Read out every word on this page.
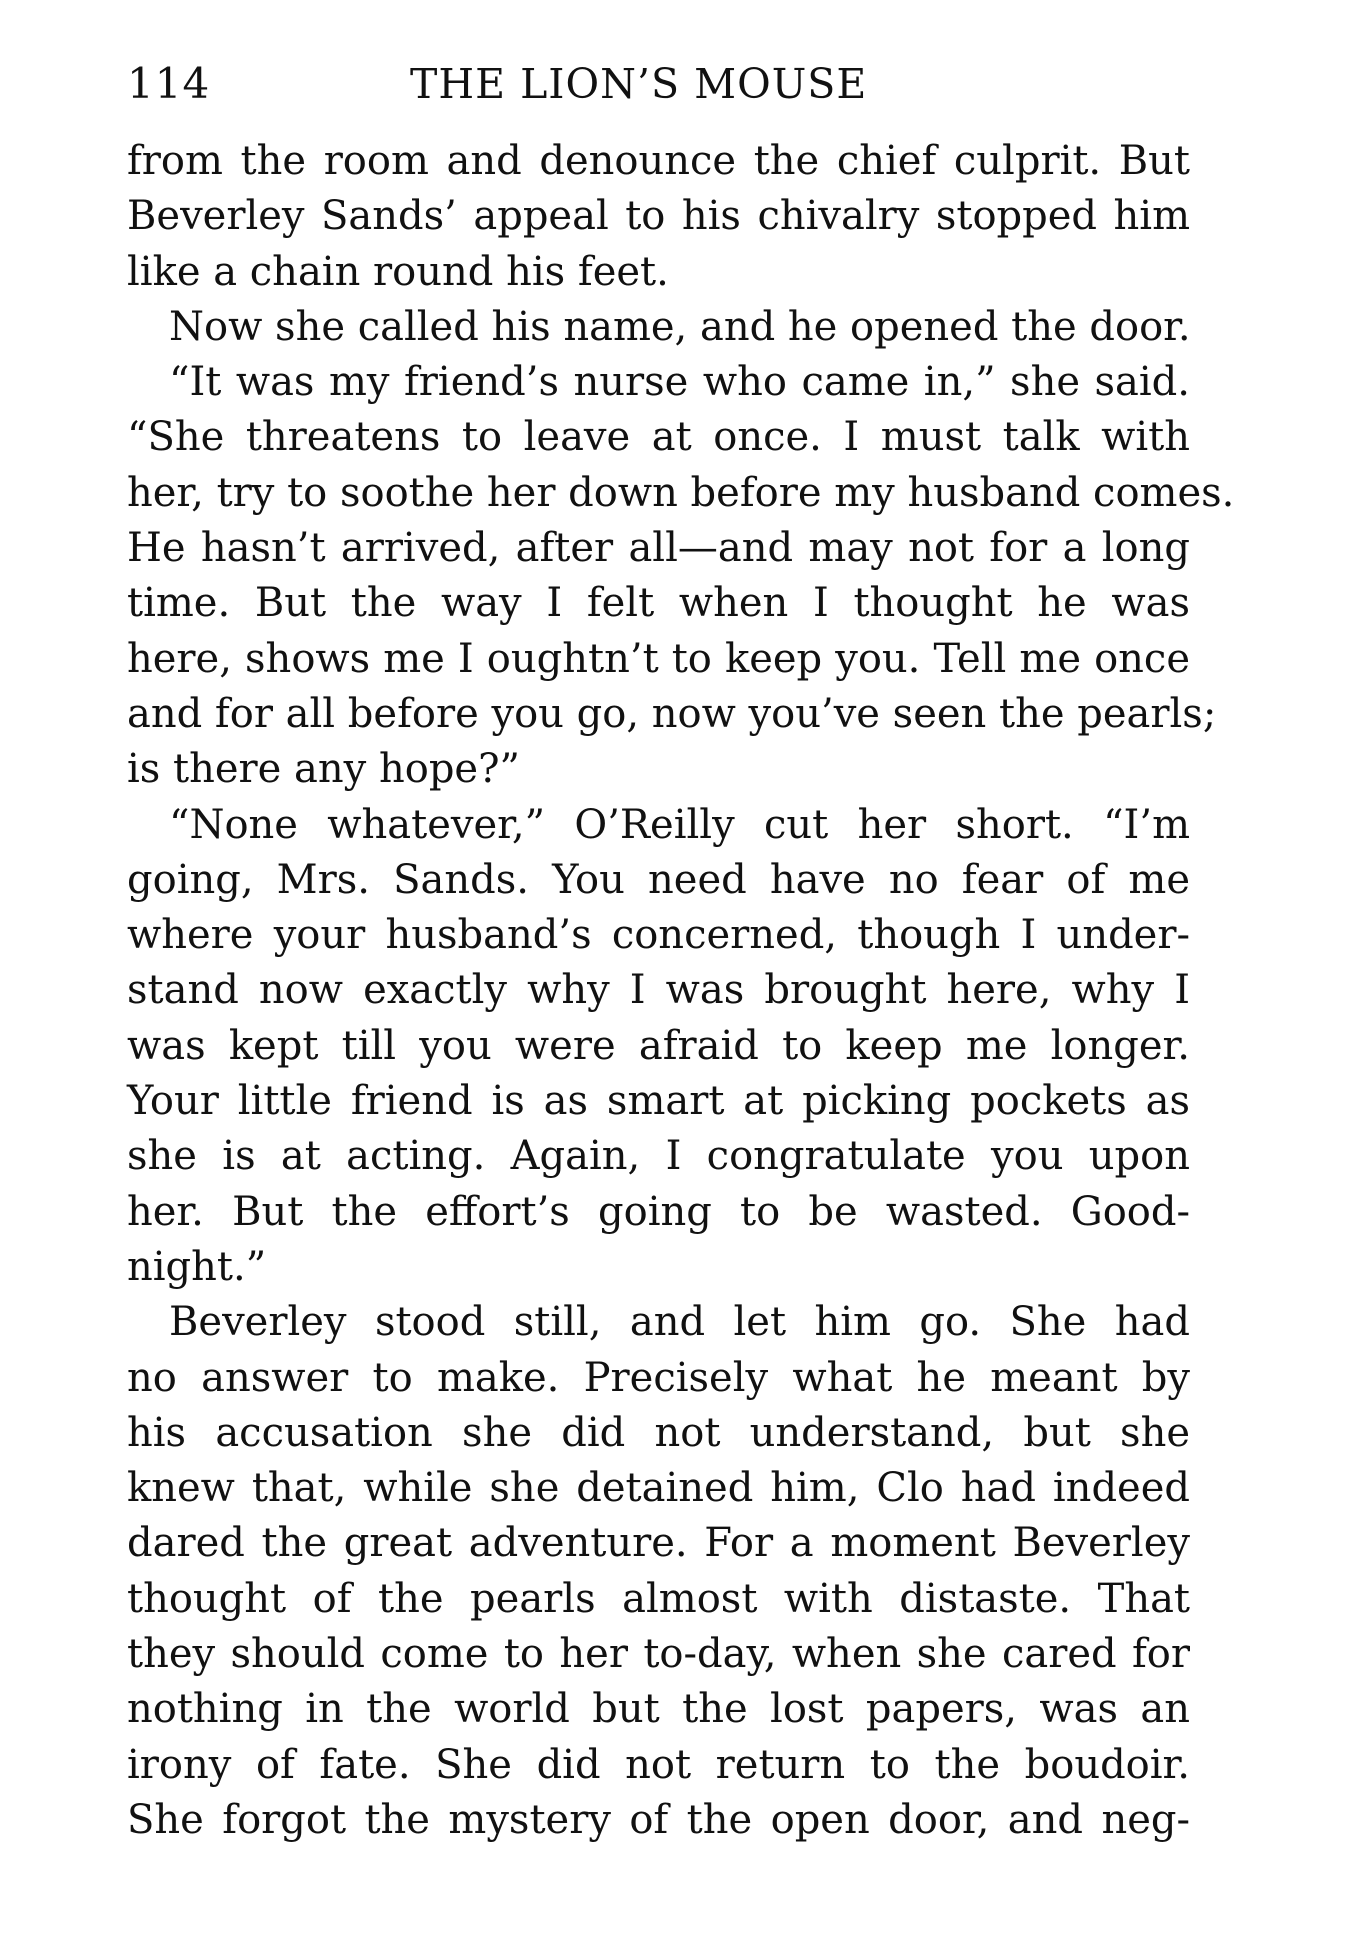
114	THE LION’S MOUSE
from the room and denounce the chief culprit. But
Beverley Sands’ appeal to his chivalry stopped him
like a chain round his feet.
Now she called his name, and he opened the door.
“It was my friend’s nurse who came in,” she said.
“She threatens to leave at once. I must talk with
her, try to soothe her down before my husband comes.
He hasn’t arrived, after all—and may not for a long
time. But the way I felt when I thought he was
here, shows me I oughtn’t to keep you. Tell me once
and for all before you go, now you’ve seen the pearls;
is there any hope?”
“None whatever,” O’Reilly cut her short. “I’m
going, Mrs. Sands. You need have no fear of me
where your husband’s concerned, though I under-
stand now exactly why I was brought here, why I
was kept till you were afraid to keep me longer.
Your little friend is as smart at picking pockets as
she is at acting. Again, I congratulate you upon
her. But the effort’s going to be wasted. Good-
night.”
Beverley stood still, and let him go. She had
no answer to make. Precisely what he meant by
his accusation she did not understand, but she
knew that, while she detained him, Clo had indeed
dared the great adventure. For a moment Beverley
thought of the pearls almost with distaste. That
they should come to her to-day, when she cared for
nothing in the world but the lost papers, was an
irony of fate. She did not return to the boudoir.
She forgot the mystery of the open door, and neg-
